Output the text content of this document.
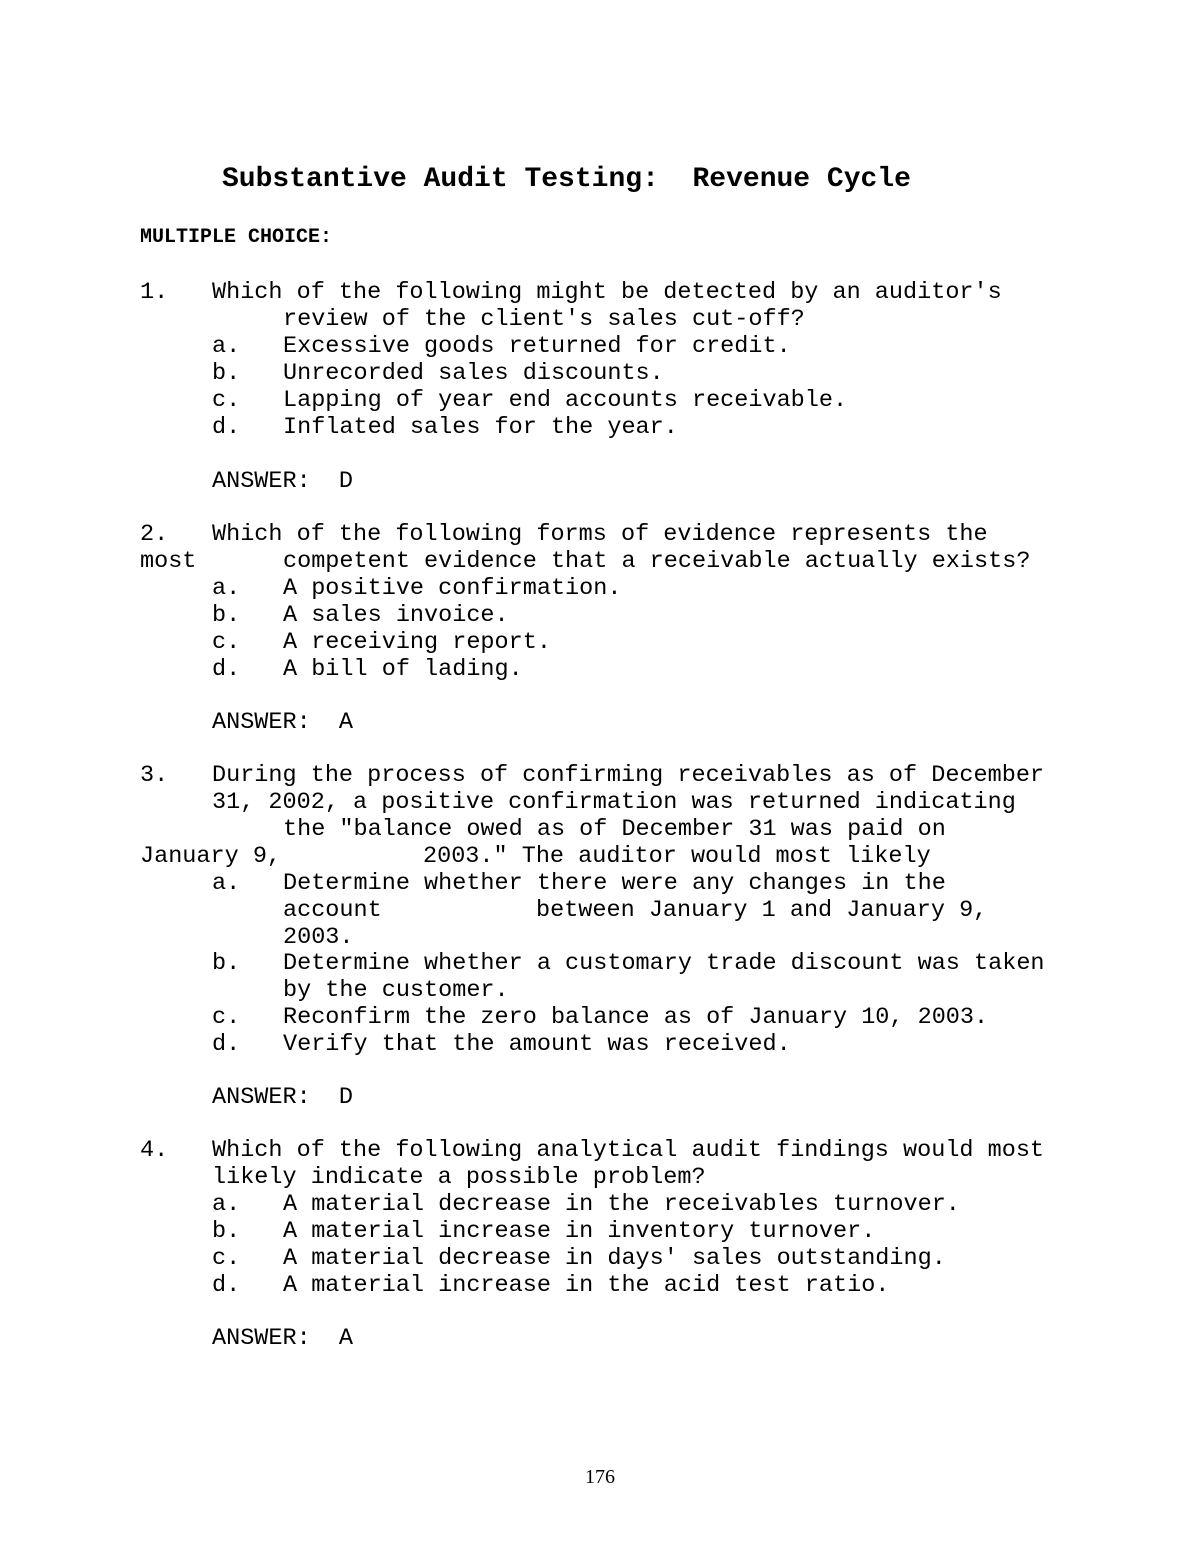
Substantive Audit Testing:  Revenue Cycle
MULTIPLE CHOICE:
1. Which of the following might be detected by an auditor's
review of the client's sales cut-off?
a. Excessive goods returned for credit.
b. Unrecorded sales discounts.
c. Lapping of year end accounts receivable.
d. Inflated sales for the year.
ANSWER:  D
2. Which of the following forms of evidence represents the
most	competent evidence that a receivable actually exists?
a. A positive confirmation.
b. A sales invoice.
c. A receiving report.
d. A bill of lading.
ANSWER:  A
3. During the process of confirming receivables as of December
31, 2002, a positive confirmation was returned indicating
the "balance owed as of December 31 was paid on
January 9,	2003." The auditor would most likely
a. Determine whether there were any changes in the
account	between January 1 and January 9,
2003.
b. Determine whether a customary trade discount was taken
by the customer.
c. Reconfirm the zero balance as of January 10, 2003.
d. Verify that the amount was received.
ANSWER:  D
4. Which of the following analytical audit findings would most
likely indicate a possible problem?
a. A material decrease in the receivables turnover.
b. A material increase in inventory turnover.
c. A material decrease in days' sales outstanding.
d. A material increase in the acid test ratio.
ANSWER:  A
176
